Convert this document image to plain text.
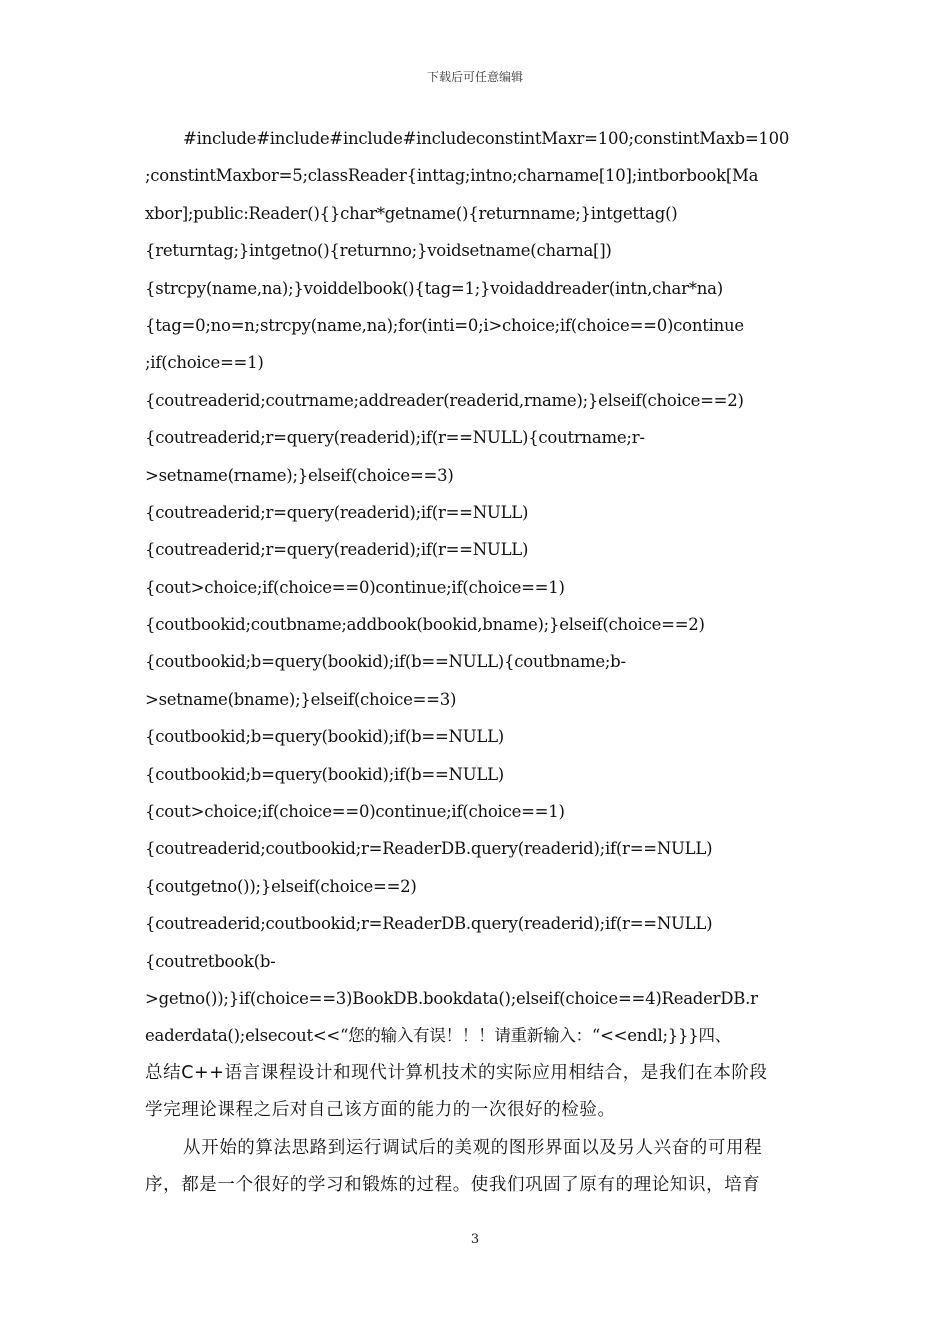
下载后可任意编辑
#include#include#include#includeconstintMaxr=100;constintMaxb=100
;constintMaxbor=5;classReader{inttag;intno;charname[10];intborbook[Ma
xbor];public:Reader(){}char*getname(){returnname;}intgettag()
{returntag;}intgetno(){returnno;}voidsetname(charna[])
{strcpy(name,na);}voiddelbook(){tag=1;}voidaddreader(intn,char*na)
{tag=0;no=n;strcpy(name,na);for(inti=0;i>choice;if(choice==0)continue
;if(choice==1)
{coutreaderid;coutrname;addreader(readerid,rname);}elseif(choice==2)
{coutreaderid;r=query(readerid);if(r==NULL){coutrname;r-
>setname(rname);}elseif(choice==3)
{coutreaderid;r=query(readerid);if(r==NULL)
{coutreaderid;r=query(readerid);if(r==NULL)
{cout>choice;if(choice==0)continue;if(choice==1)
{coutbookid;coutbname;addbook(bookid,bname);}elseif(choice==2)
{coutbookid;b=query(bookid);if(b==NULL){coutbname;b-
>setname(bname);}elseif(choice==3)
{coutbookid;b=query(bookid);if(b==NULL)
{coutbookid;b=query(bookid);if(b==NULL)
{cout>choice;if(choice==0)continue;if(choice==1)
{coutreaderid;coutbookid;r=ReaderDB.query(readerid);if(r==NULL)
{coutgetno());}elseif(choice==2)
{coutreaderid;coutbookid;r=ReaderDB.query(readerid);if(r==NULL)
{coutretbook(b-
>getno());}if(choice==3)BookDB.bookdata();elseif(choice==4)ReaderDB.r
eaderdata();elsecout<<“您的输入有误！！！请重新输入：“<<endl;}}}四、
总结C++语言课程设计和现代计算机技术的实际应用相结合，是我们在本阶段
学完理论课程之后对自己该方面的能力的一次很好的检验。
从开始的算法思路到运行调试后的美观的图形界面以及另人兴奋的可用程
序，都是一个很好的学习和锻炼的过程。使我们巩固了原有的理论知识，培育
3
